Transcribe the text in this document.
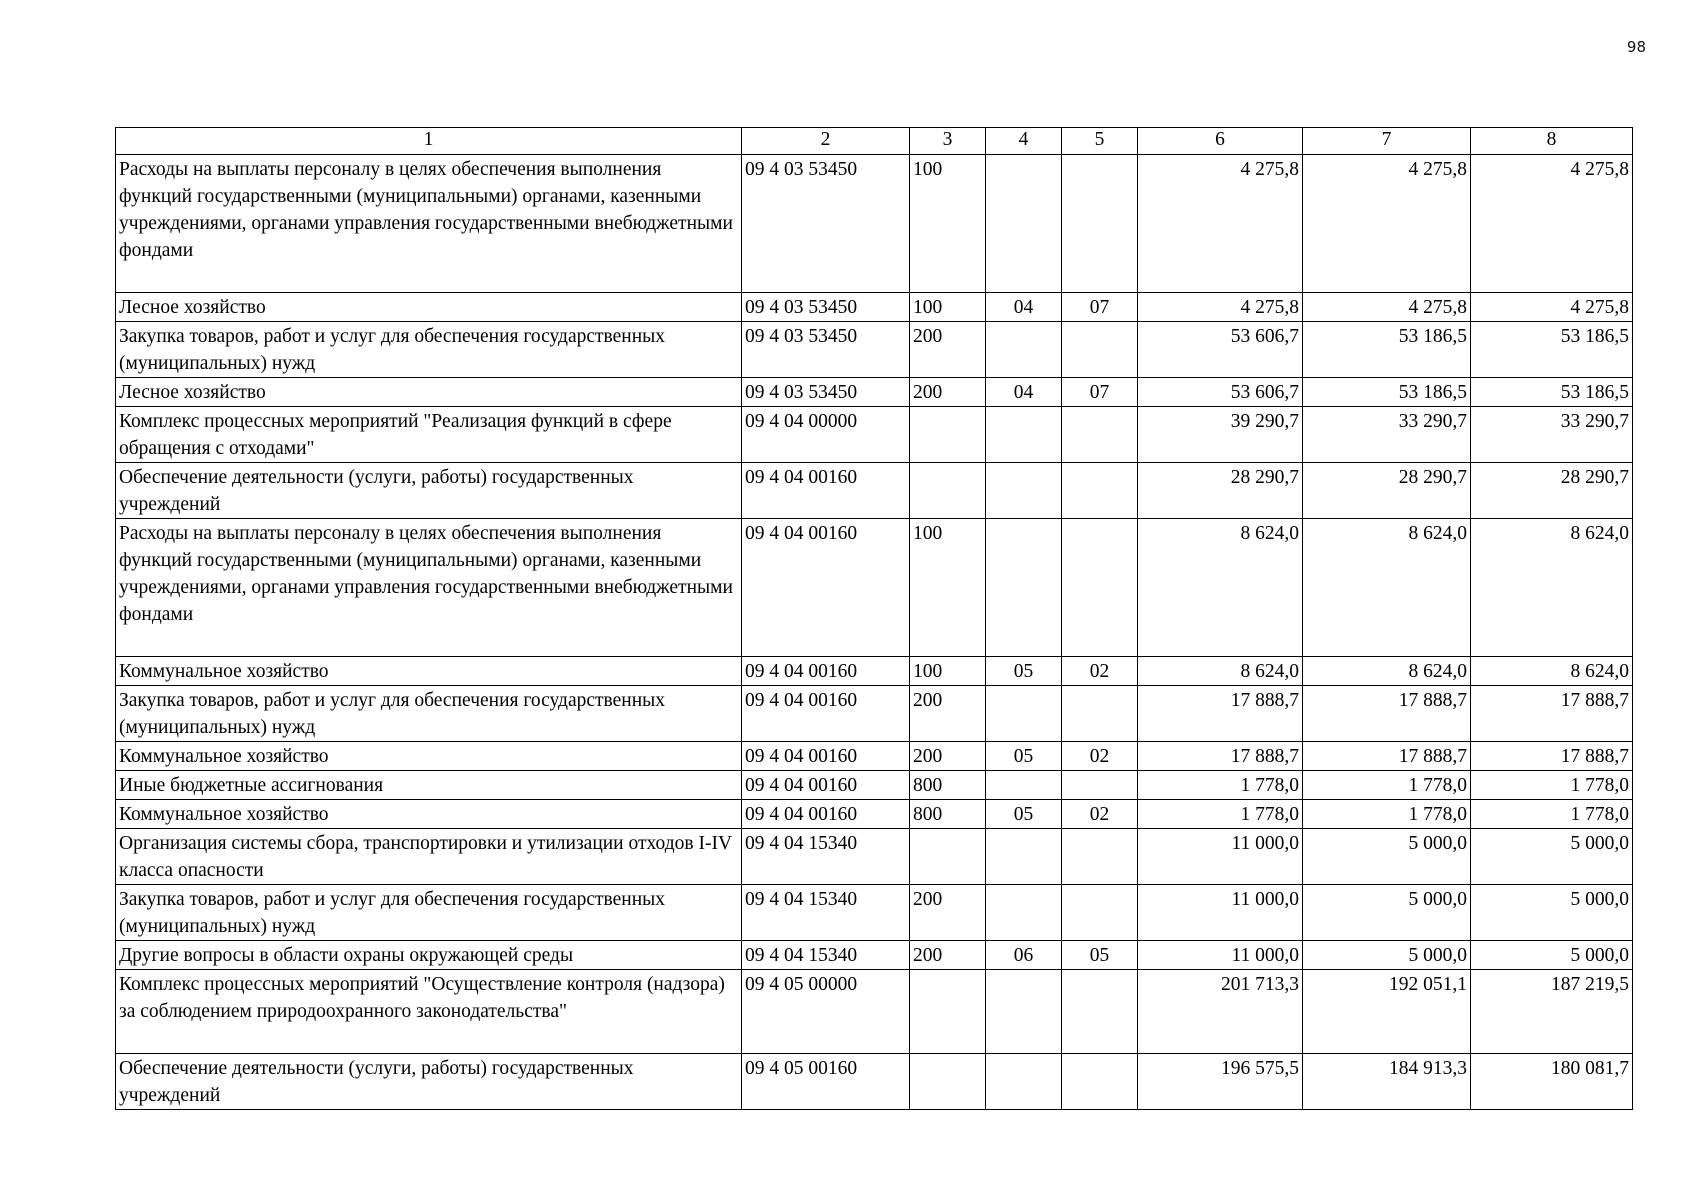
98
1	2	3	4	5	6	7	8
Расходы на выплаты персоналу в целях обеспечения выполнения функций государственными (муниципальными) органами, казенными учреждениями, органами управления государственными внебюджетными фондами	09 4 03 53450	100			4 275,8	4 275,8	4 275,8
Лесное хозяйство	09 4 03 53450	100	04	07	4 275,8	4 275,8	4 275,8
Закупка товаров, работ и услуг для обеспечения государственных (муниципальных) нужд	09 4 03 53450	200			53 606,7	53 186,5	53 186,5
Лесное хозяйство	09 4 03 53450	200	04	07	53 606,7	53 186,5	53 186,5
Комплекс процессных мероприятий "Реализация функций в сфере обращения с отходами"	09 4 04 00000				39 290,7	33 290,7	33 290,7
Обеспечение деятельности (услуги, работы) государственных учреждений	09 4 04 00160				28 290,7	28 290,7	28 290,7
Расходы на выплаты персоналу в целях обеспечения выполнения функций государственными (муниципальными) органами, казенными учреждениями, органами управления государственными внебюджетными фондами	09 4 04 00160	100			8 624,0	8 624,0	8 624,0
Коммунальное хозяйство	09 4 04 00160	100	05	02	8 624,0	8 624,0	8 624,0
Закупка товаров, работ и услуг для обеспечения государственных (муниципальных) нужд	09 4 04 00160	200			17 888,7	17 888,7	17 888,7
Коммунальное хозяйство	09 4 04 00160	200	05	02	17 888,7	17 888,7	17 888,7
Иные бюджетные ассигнования	09 4 04 00160	800			1 778,0	1 778,0	1 778,0
Коммунальное хозяйство	09 4 04 00160	800	05	02	1 778,0	1 778,0	1 778,0
Организация системы сбора, транспортировки и утилизации отходов I-IV класса опасности	09 4 04 15340				11 000,0	5 000,0	5 000,0
Закупка товаров, работ и услуг для обеспечения государственных (муниципальных) нужд	09 4 04 15340	200			11 000,0	5 000,0	5 000,0
Другие вопросы в области охраны окружающей среды	09 4 04 15340	200	06	05	11 000,0	5 000,0	5 000,0
Комплекс процессных мероприятий "Осуществление контроля (надзора) за соблюдением природоохранного законодательства"	09 4 05 00000				201 713,3	192 051,1	187 219,5
Обеспечение деятельности (услуги, работы) государственных учреждений	09 4 05 00160				196 575,5	184 913,3	180 081,7
